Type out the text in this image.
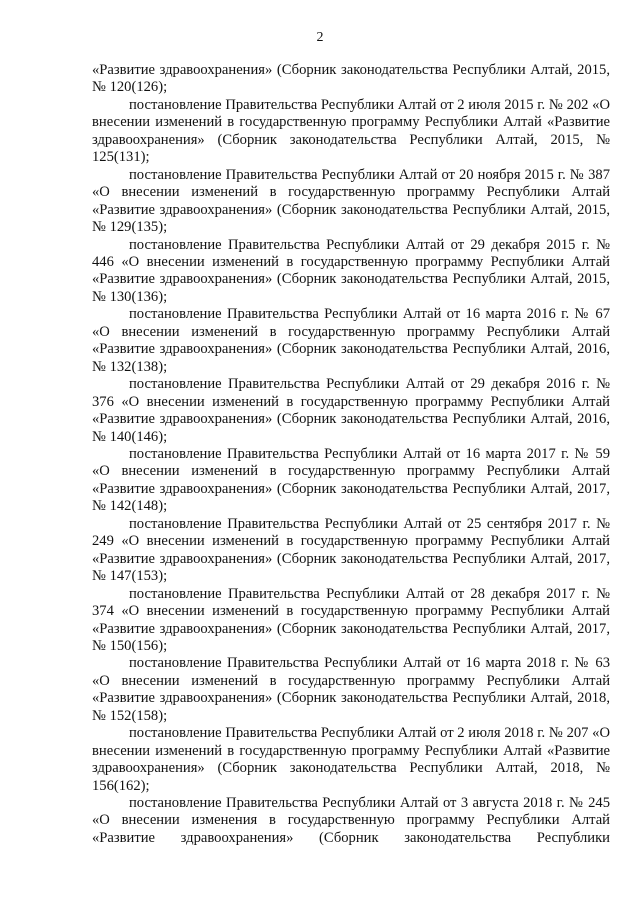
2

«Развитие здравоохранения» (Сборник законодательства Республики Алтай, 2015, № 120(126);

постановление Правительства Республики Алтай от 2 июля 2015 г. № 202 «О внесении изменений в государственную программу Республики Алтай «Развитие здравоохранения» (Сборник законодательства Республики Алтай, 2015, № 125(131);

постановление Правительства Республики Алтай от 20 ноября 2015 г. № 387 «О внесении изменений в государственную программу Республики Алтай «Развитие здравоохранения» (Сборник законодательства Республики Алтай, 2015, № 129(135);

постановление Правительства Республики Алтай от 29 декабря 2015 г. № 446 «О внесении изменений в государственную программу Республики Алтай «Развитие здравоохранения» (Сборник законодательства Республики Алтай, 2015, № 130(136);

постановление Правительства Республики Алтай от 16 марта 2016 г. № 67 «О внесении изменений в государственную программу Республики Алтай «Развитие здравоохранения» (Сборник законодательства Республики Алтай, 2016, № 132(138);

постановление Правительства Республики Алтай от 29 декабря 2016 г. № 376 «О внесении изменений в государственную программу Республики Алтай «Развитие здравоохранения» (Сборник законодательства Республики Алтай, 2016, № 140(146);

постановление Правительства Республики Алтай от 16 марта 2017 г. № 59 «О внесении изменений в государственную программу Республики Алтай «Развитие здравоохранения» (Сборник законодательства Республики Алтай, 2017, № 142(148);

постановление Правительства Республики Алтай от 25 сентября 2017 г. № 249 «О внесении изменений в государственную программу Республики Алтай «Развитие здравоохранения» (Сборник законодательства Республики Алтай, 2017, № 147(153);

постановление Правительства Республики Алтай от 28 декабря 2017 г. № 374 «О внесении изменений в государственную программу Республики Алтай «Развитие здравоохранения» (Сборник законодательства Республики Алтай, 2017, № 150(156);

постановление Правительства Республики Алтай от 16 марта 2018 г. № 63 «О внесении изменений в государственную программу Республики Алтай «Развитие здравоохранения» (Сборник законодательства Республики Алтай, 2018, № 152(158);

постановление Правительства Республики Алтай от 2 июля 2018 г. № 207 «О внесении изменений в государственную программу Республики Алтай «Развитие здравоохранения» (Сборник законодательства Республики Алтай, 2018, № 156(162);

постановление Правительства Республики Алтай от 3 августа 2018 г. № 245 «О внесении изменения в государственную программу Республики Алтай «Развитие здравоохранения» (Сборник законодательства Республики
